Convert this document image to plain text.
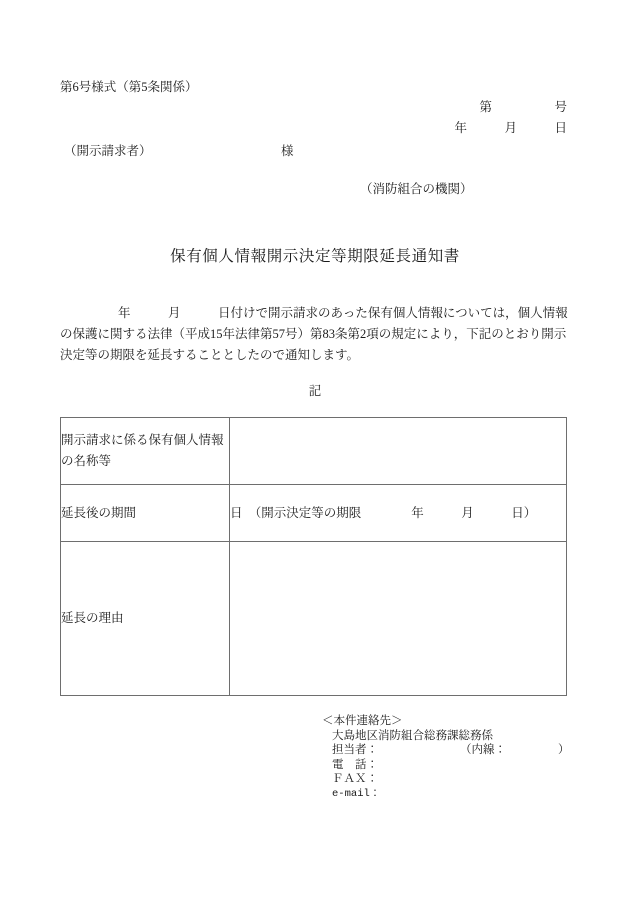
第6号様式（第5条関係）
第　　　　　号
年　　　月　　　日
（開示請求者）	様
（消防組合の機関）
保有個人情報開示決定等期限延長通知書
年　　　月　　　日付けで開示請求のあった保有個人情報については，個人情報の保護に関する法律（平成15年法律第57号）第83条第2項の規定により，下記のとおり開示決定等の期限を延長することとしたので通知します。
記
開示請求に係る保有個人情報
の名称等	

延長後の期間	日　（開示決定等の期限　　　　年　　　月　　　日）
延長の理由	
＜本件連絡先＞
大島地区消防組合総務課総務係
担当者：	（内線：	）
電　話：
ＦＡＸ：
e-mail：
